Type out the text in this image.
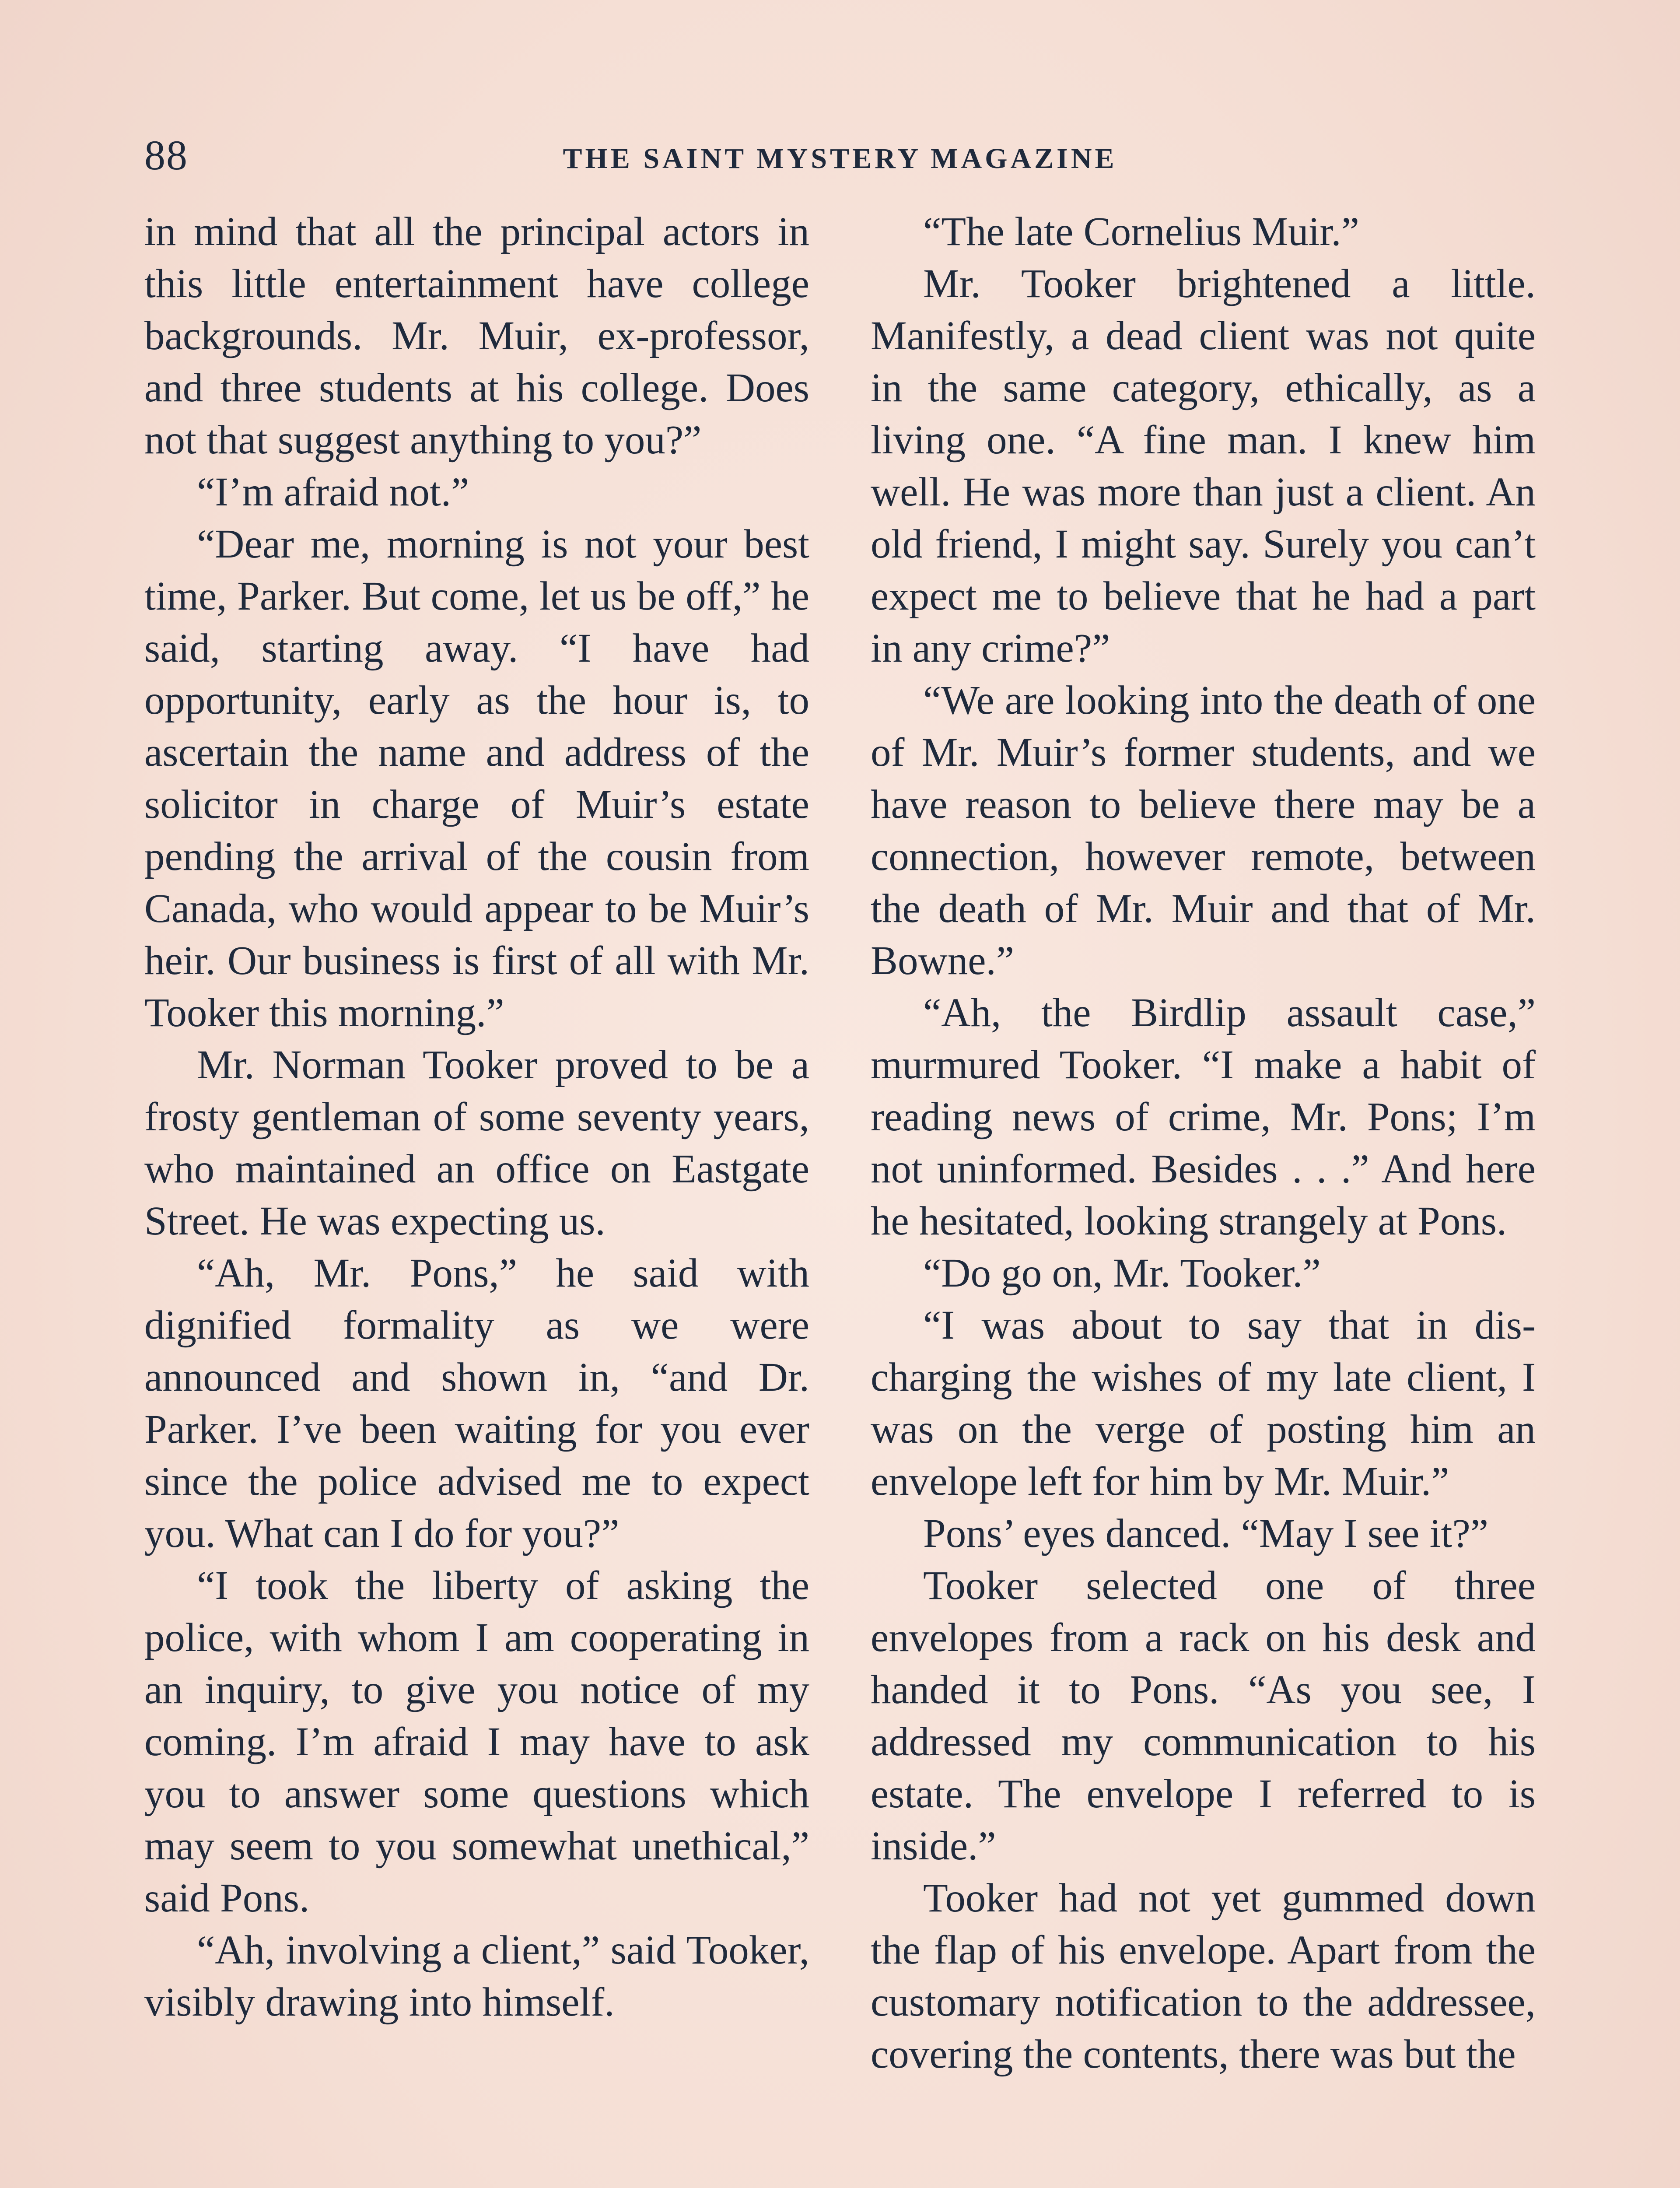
88	THE SAINT MYSTERY MAGAZINE

in mind that all the principal actors in this little entertainment have college backgrounds. Mr. Muir, ex-professor, and three students at his college. Does not that suggest anything to you?”

“I’m afraid not.”

“Dear me, morning is not your best time, Parker. But come, let us be off,” he said, starting away. “I have had opportunity, early as the hour is, to ascertain the name and address of the solicitor in charge of Muir’s estate pending the arrival of the cousin from Canada, who would appear to be Muir’s heir. Our business is first of all with Mr. Tooker this morning.”

Mr. Norman Tooker proved to be a frosty gentleman of some seventy years, who maintained an office on Eastgate Street. He was expecting us.

“Ah, Mr. Pons,” he said with dignified formality as we were announced and shown in, “and Dr. Parker. I’ve been waiting for you ever since the police advised me to expect you. What can I do for you?”

“I took the liberty of asking the police, with whom I am cooperating in an inquiry, to give you notice of my coming. I’m afraid I may have to ask you to answer some questions which may seem to you somewhat unethical,” said Pons.

“Ah, involving a client,” said Tooker, visibly drawing into himself.

“The late Cornelius Muir.”

Mr. Tooker brightened a little. Manifestly, a dead client was not quite in the same category, ethically, as a living one. “A fine man. I knew him well. He was more than just a client. An old friend, I might say. Surely you can’t expect me to believe that he had a part in any crime?”

“We are looking into the death of one of Mr. Muir’s former students, and we have reason to believe there may be a connection, however remote, between the death of Mr. Muir and that of Mr. Bowne.”

“Ah, the Birdlip assault case,” murmured Tooker. “I make a habit of reading news of crime, Mr. Pons; I’m not uninformed. Besides . . .” And here he hesitated, looking strangely at Pons.

“Do go on, Mr. Tooker.”

“I was about to say that in discharging the wishes of my late client, I was on the verge of posting him an envelope left for him by Mr. Muir.”

Pons’ eyes danced. “May I see it?”

Tooker selected one of three envelopes from a rack on his desk and handed it to Pons. “As you see, I addressed my communication to his estate. The envelope I referred to is inside.”

Tooker had not yet gummed down the flap of his envelope. Apart from the customary notification to the addressee, covering the contents, there was but the
